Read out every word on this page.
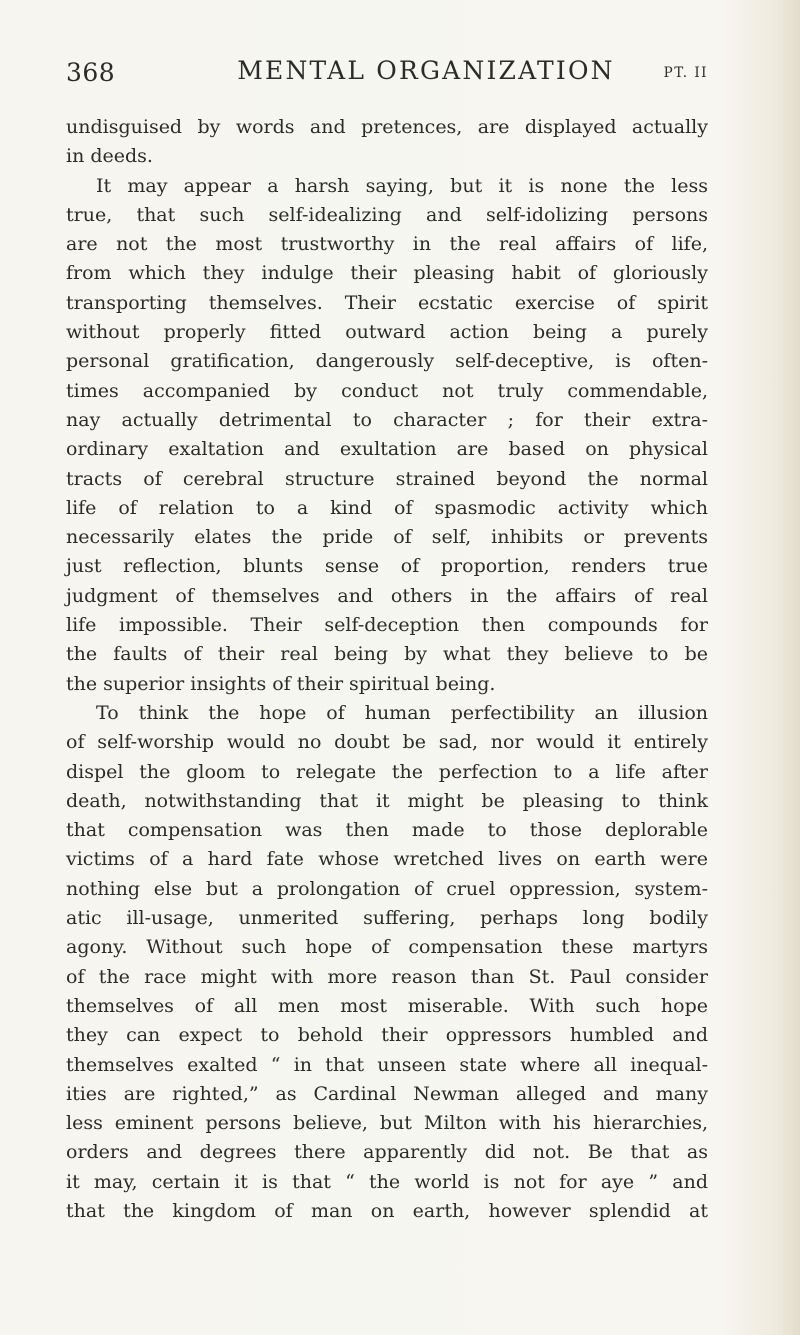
368	MENTAL ORGANIZATION	PT. II
undisguised by words and pretences, are displayed actually
in deeds.
It may appear a harsh saying, but it is none the less
true, that such self-idealizing and self-idolizing persons
are not the most trustworthy in the real affairs of life,
from which they indulge their pleasing habit of gloriously
transporting themselves. Their ecstatic exercise of spirit
without properly fitted outward action being a purely
personal gratification, dangerously self-deceptive, is often-
times accompanied by conduct not truly commendable,
nay actually detrimental to character ; for their extra-
ordinary exaltation and exultation are based on physical
tracts of cerebral structure strained beyond the normal
life of relation to a kind of spasmodic activity which
necessarily elates the pride of self, inhibits or prevents
just reflection, blunts sense of proportion, renders true
judgment of themselves and others in the affairs of real
life impossible. Their self-deception then compounds for
the faults of their real being by what they believe to be
the superior insights of their spiritual being.
To think the hope of human perfectibility an illusion
of self-worship would no doubt be sad, nor would it entirely
dispel the gloom to relegate the perfection to a life after
death, notwithstanding that it might be pleasing to think
that compensation was then made to those deplorable
victims of a hard fate whose wretched lives on earth were
nothing else but a prolongation of cruel oppression, system-
atic ill-usage, unmerited suffering, perhaps long bodily
agony. Without such hope of compensation these martyrs
of the race might with more reason than St. Paul consider
themselves of all men most miserable. With such hope
they can expect to behold their oppressors humbled and
themselves exalted “ in that unseen state where all inequal-
ities are righted,” as Cardinal Newman alleged and many
less eminent persons believe, but Milton with his hierarchies,
orders and degrees there apparently did not. Be that as
it may, certain it is that “ the world is not for aye ” and
that the kingdom of man on earth, however splendid at
